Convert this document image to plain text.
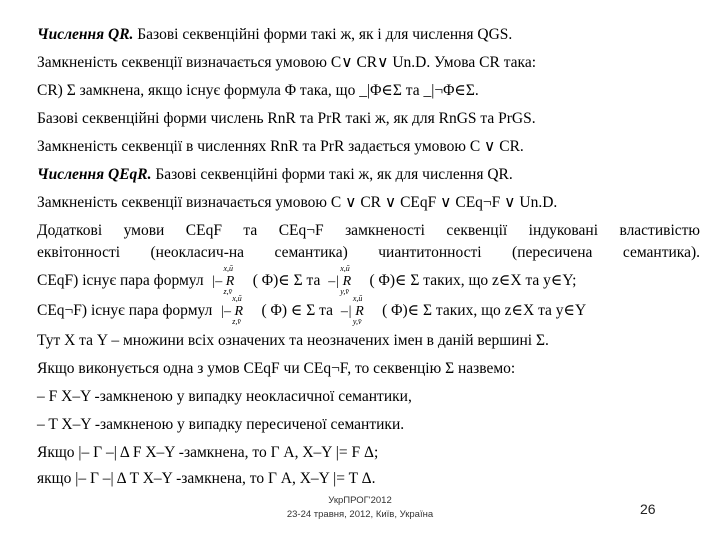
Числення QR. Базові секвенційні форми такі ж, як і для числення QGS.
Замкненість секвенції визначається умовою C∨ CR∨ Un.D. Умова CR така:
CR) Σ замкнена, якщо існує формула Φ така, що _|Φ∈Σ та _|¬Φ∈Σ.
Базові секвенційні форми числень RnR та PrR такі ж, як для RnGS та PrGS.
Замкненість секвенції в численнях RnR та PrR задається умовою C ∨ CR.
Числення QEqR. Базові секвенційні форми такі ж, як для числення QR.
Замкненість секвенції визначається умовою C ∨ CR ∨ CEqF ∨ CEq¬F ∨ Un.D.
Додаткові умови CEqF та CEq¬F замкненості секвенції індуковані властивістю
еквітонності (неокласич-на семантика) чиантитонності (пересичена семантика).
CEqF) існує пара формул |– R
x,ū
z,v̄
( Φ)∈ Σ та –| R
x,ū
y,v̄
( Φ)∈ Σ таких, що z∈X та y∈Y;
CEq¬F) існує пара формул |– R
x,ū
z,v̄
( Φ) ∈ Σ та –| R
x,ū
y,v̄
( Φ)∈ Σ таких, що z∈X та y∈Y
Тут X та Y – множини всіх означених та неозначених імен в даній вершині Σ.
Якщо виконується одна з умов CEqF чи CEq¬F, то секвенцію Σ назвемо:
– F X–Y -замкненою у випадку неокласичної семантики,
– T X–Y -замкненою у випадку пересиченої семантики.
Якщо |– Γ –| Δ F X–Y -замкнена, то Γ A, X–Y |= F Δ;
якщо |– Γ –| Δ T X–Y -замкнена, то Γ A, X–Y |= T Δ.
УкрПРОГ'2012
23-24 травня, 2012, Київ, Україна	26
